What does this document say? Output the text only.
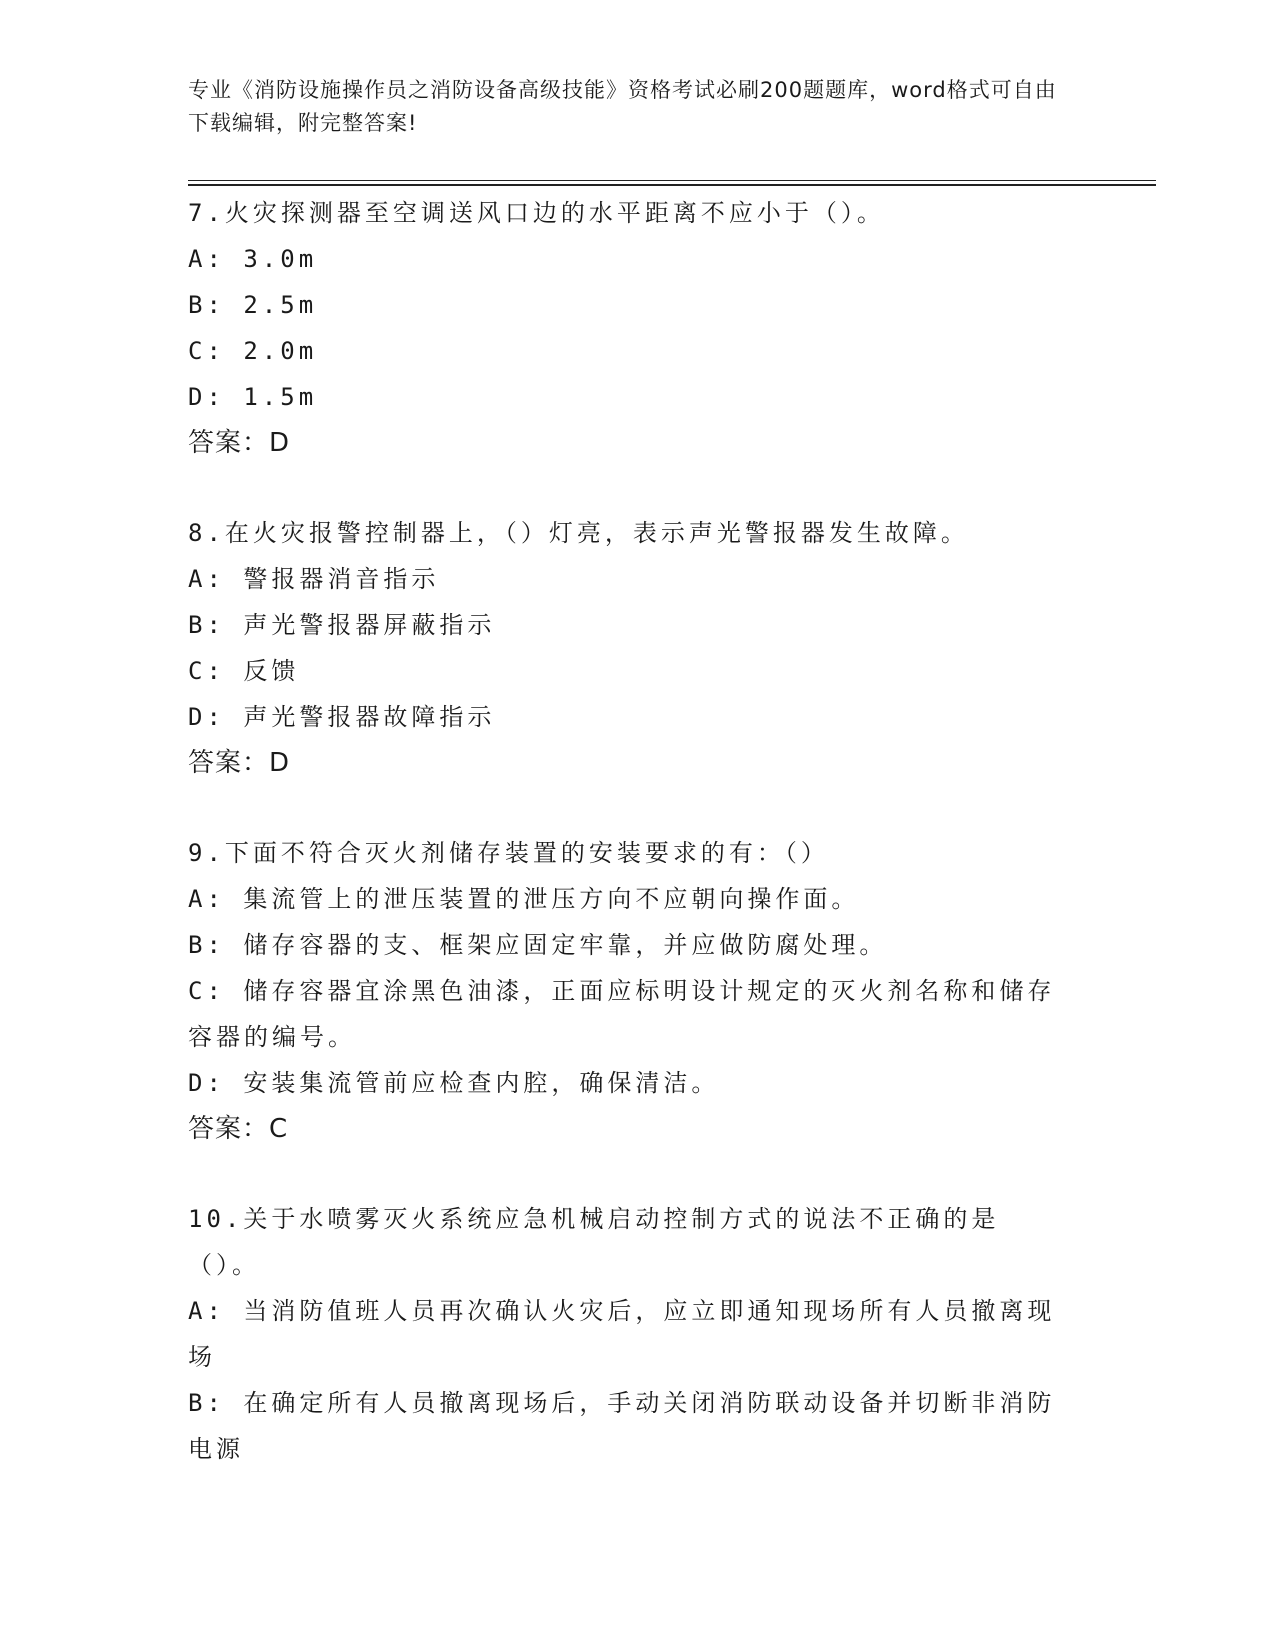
专业《消防设施操作员之消防设备高级技能》资格考试必刷200题题库，word格式可自由下载编辑，附完整答案!
7.火灾探测器至空调送风口边的水平距离不应小于（）。
A: 3.0m
B: 2.5m
C: 2.0m
D: 1.5m
答案：D
8.在火灾报警控制器上，（）灯亮，表示声光警报器发生故障。
A: 警报器消音指示
B: 声光警报器屏蔽指示
C: 反馈
D: 声光警报器故障指示
答案：D
9.下面不符合灭火剂储存装置的安装要求的有：（）
A: 集流管上的泄压装置的泄压方向不应朝向操作面。
B: 储存容器的支、框架应固定牢靠，并应做防腐处理。
C: 储存容器宜涂黑色油漆，正面应标明设计规定的灭火剂名称和储存容器的编号。
D: 安装集流管前应检查内腔，确保清洁。
答案：C
10.关于水喷雾灭火系统应急机械启动控制方式的说法不正确的是（）。
A: 当消防值班人员再次确认火灾后，应立即通知现场所有人员撤离现场
B: 在确定所有人员撤离现场后，手动关闭消防联动设备并切断非消防电源
